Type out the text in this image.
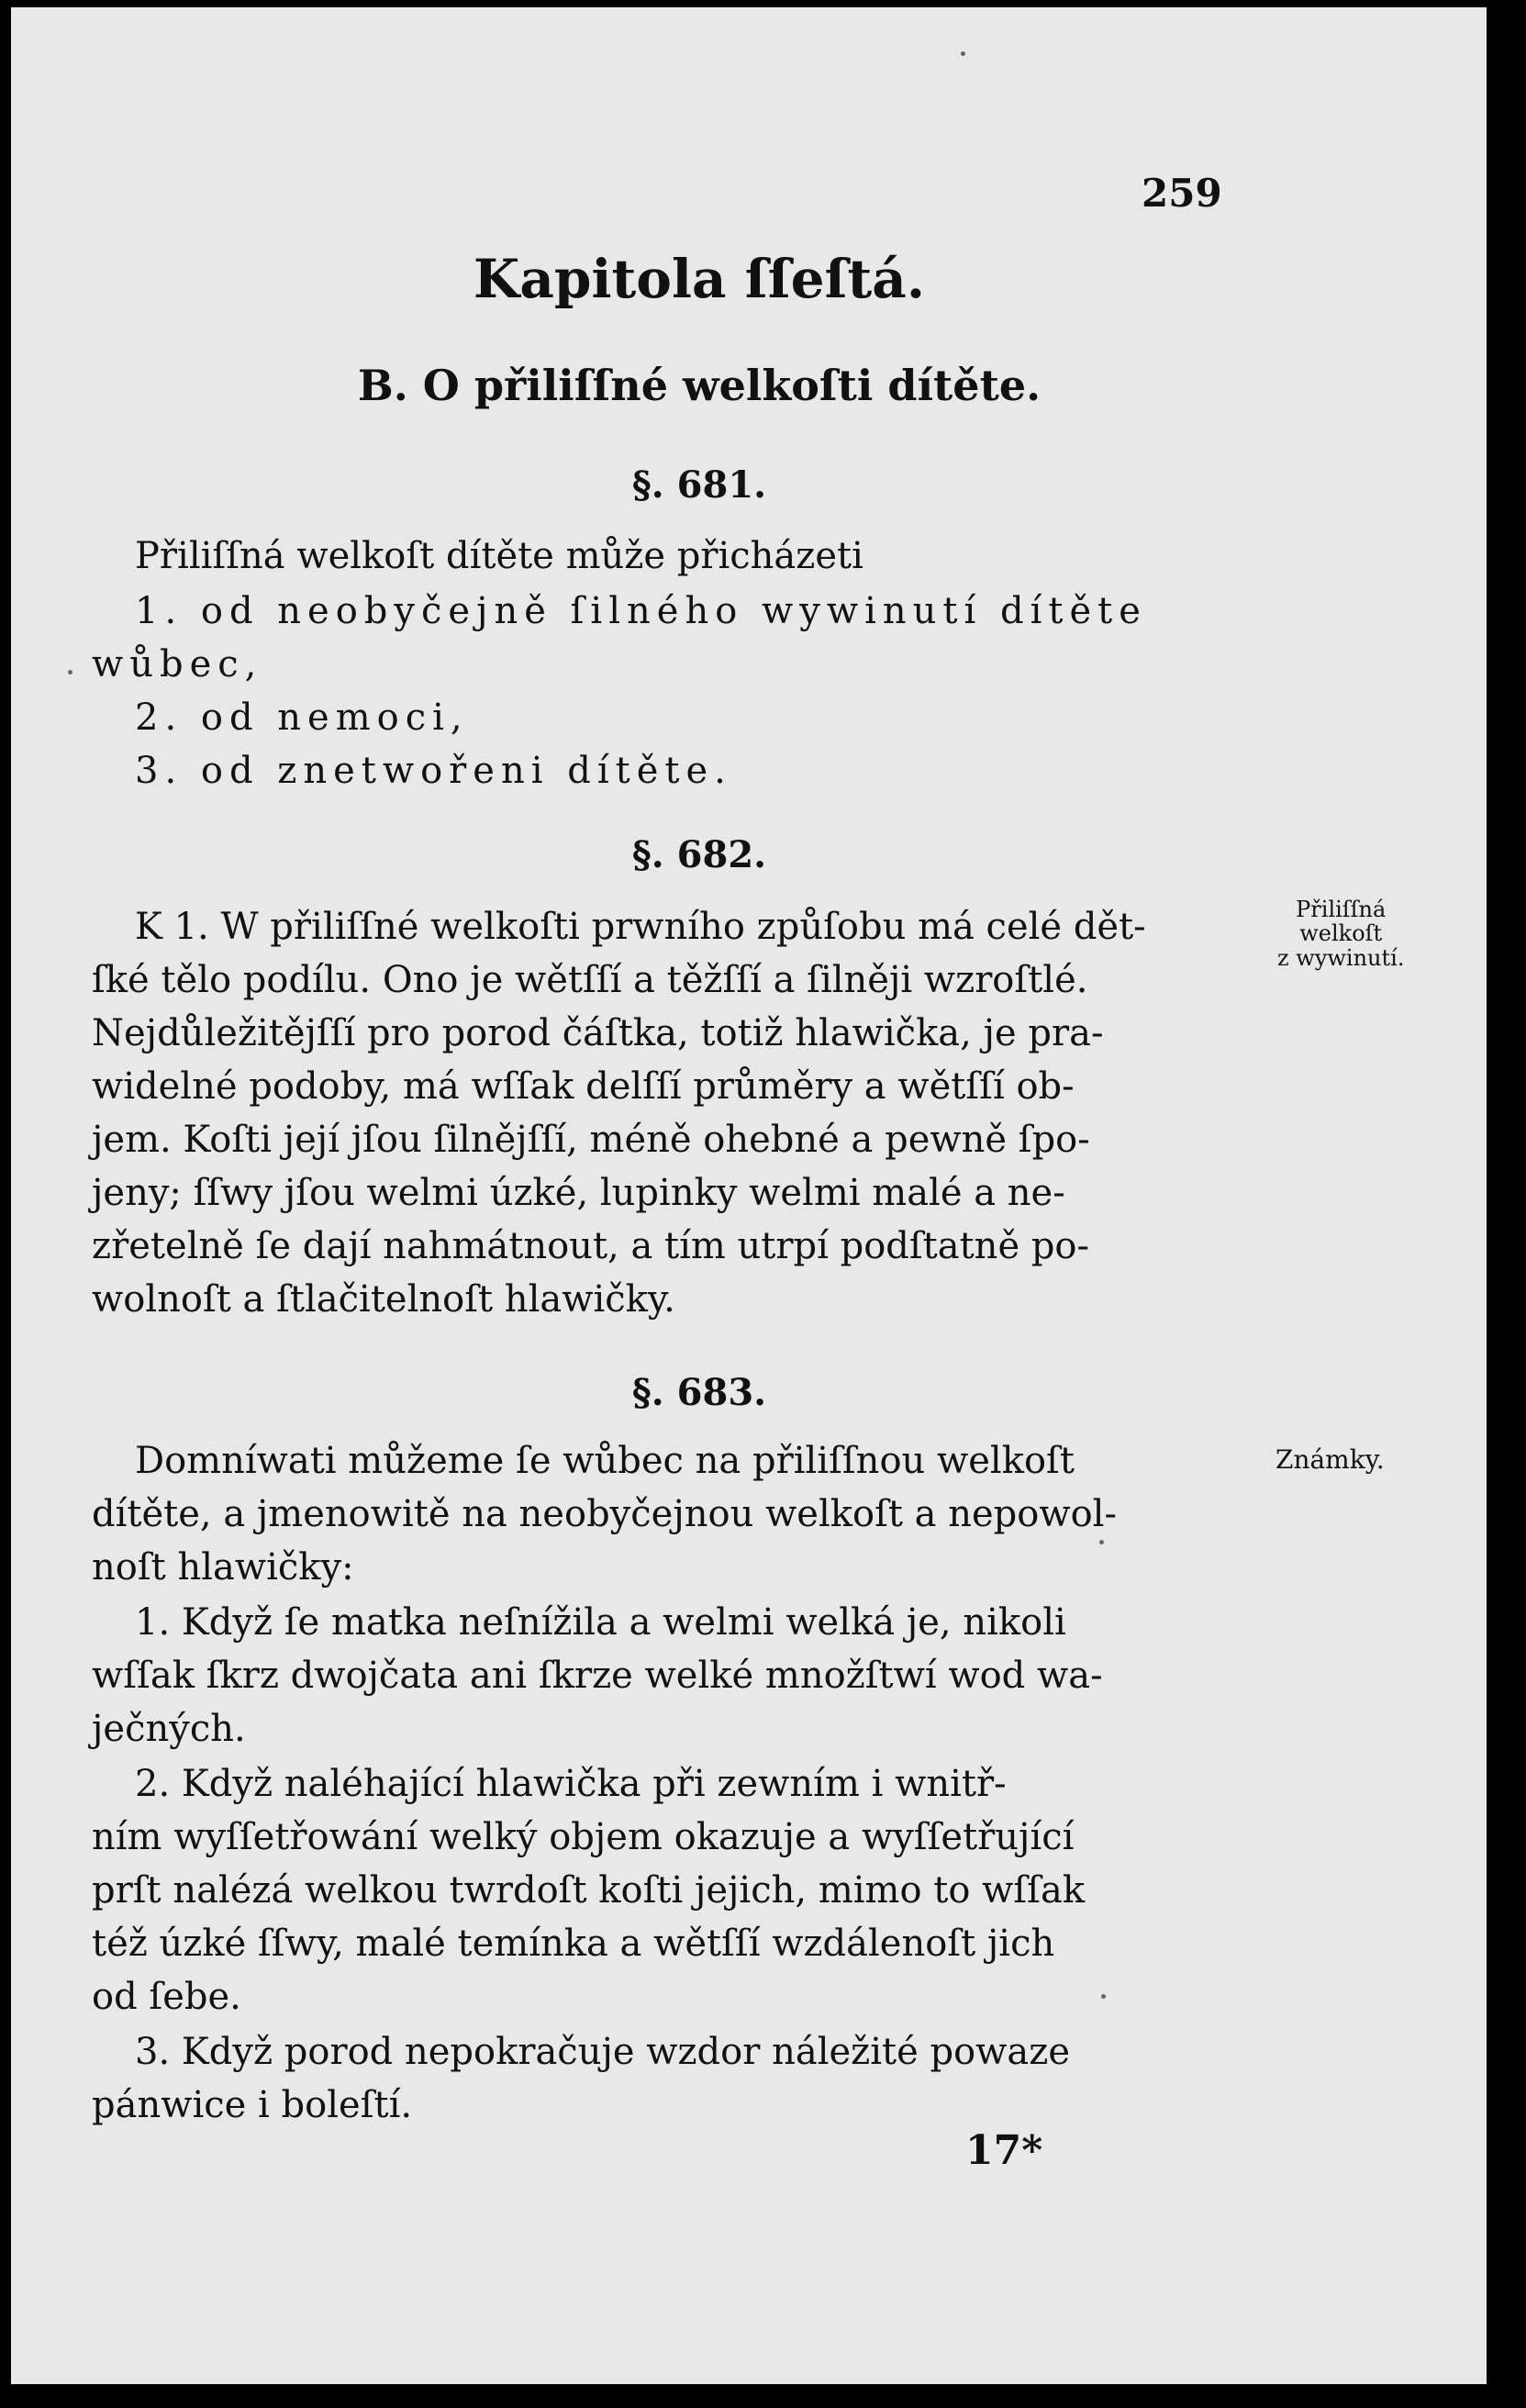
259
Kapitola ſſeſtá.
B. O přiliſſné welkoſti dítěte.
§. 681.
Přiliſſná welkoſt dítěte může přicházeti
1. od neobyčejně ſilného wywinutí dítěte
wůbec,
2. od nemoci,
3. od znetwořeni dítěte.
§. 682.
K 1. W přiliſſné welkoſti prwního způſobu má celé dět-
ſké tělo podílu. Ono je wětſſí a těžſſí a ſilněji wzroſtlé.
Nejdůležitějſſí pro porod čáſtka, totiž hlawička, je pra-
widelné podoby, má wſſak delſſí průměry a wětſſí ob-
jem. Koſti její jſou ſilnějſſí, méně ohebné a pewně ſpo-
jeny; ſſwy jſou welmi úzké, lupinky welmi malé a ne-
zřetelně ſe dají nahmátnout, a tím utrpí podſtatně po-
wolnoſt a ſtlačitelnoſt hlawičky.
Přiliſſná
welkoſt
z wywinutí.
§. 683.
Domníwati můžeme ſe wůbec na přiliſſnou welkoſt	Známky.
dítěte, a jmenowitě na neobyčejnou welkoſt a nepowol-
noſt hlawičky:
1. Když ſe matka neſnížila a welmi welká je, nikoli
wſſak ſkrz dwojčata ani ſkrze welké množſtwí wod wa-
ječných.
2. Když naléhající hlawička při zewním i wnitř-
ním wyſſetřowání welký objem okazuje a wyſſetřující
prſt nalézá welkou twrdoſt koſti jejich, mimo to wſſak
též úzké ſſwy, malé temínka a wětſſí wzdálenoſt jich
od ſebe.
3. Když porod nepokračuje wzdor náležité powaze
pánwice i boleſtí.
17*
